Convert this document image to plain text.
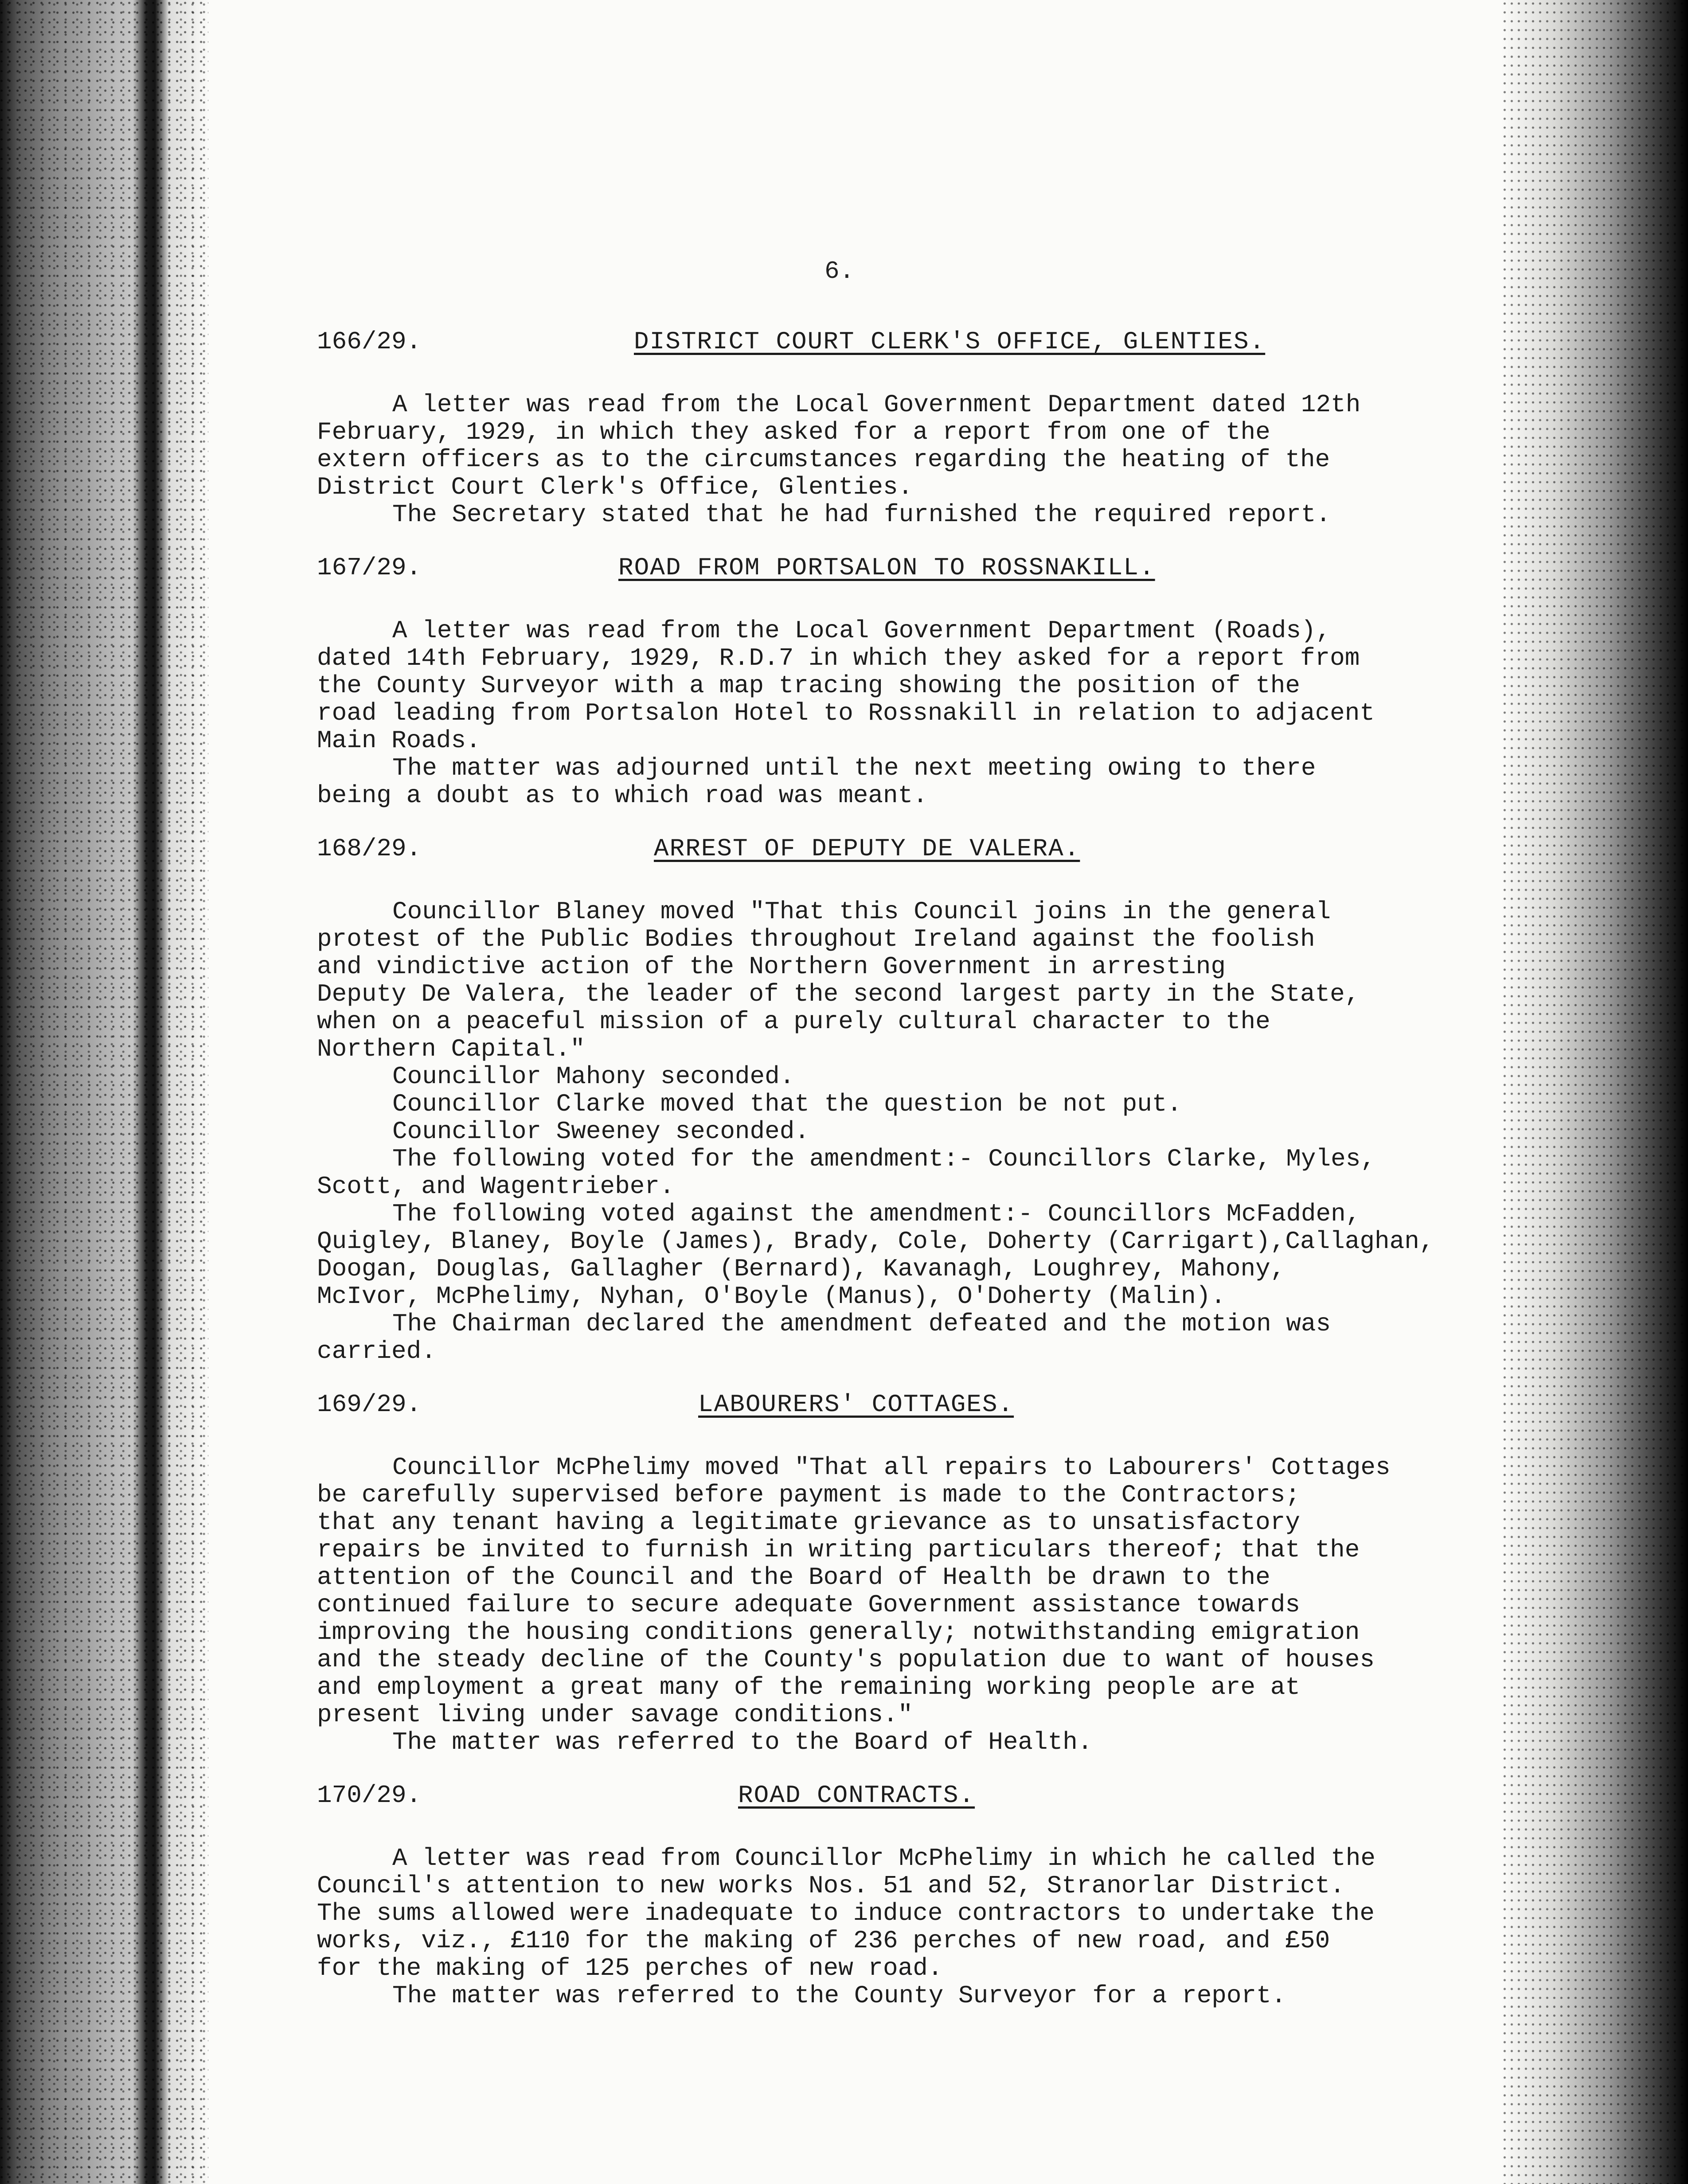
6.
166/29.	DISTRICT COURT CLERK'S OFFICE, GLENTIES.

A letter was read from the Local Government Department dated 12th

February, 1929, in which they asked for a report from one of the

extern officers as to the circumstances regarding the heating of the

District Court Clerk's Office, Glenties.

The Secretary stated that he had furnished the required report.

167/29.	ROAD FROM PORTSALON TO ROSSNAKILL.

A letter was read from the Local Government Department (Roads),

dated 14th February, 1929, R.D.7 in which they asked for a report from

the County Surveyor with a map tracing showing the position of the

road leading from Portsalon Hotel to Rossnakill in relation to adjacent

Main Roads.

The matter was adjourned until the next meeting owing to there

being a doubt as to which road was meant.

168/29.	ARREST OF DEPUTY DE VALERA.

Councillor Blaney moved "That this Council joins in the general

protest of the Public Bodies throughout Ireland against the foolish

and vindictive action of the Northern Government in arresting

Deputy De Valera, the leader of the second largest party in the State,

when on a peaceful mission of a purely cultural character to the

Northern Capital."

Councillor Mahony seconded.

Councillor Clarke moved that the question be not put.

Councillor Sweeney seconded.

The following voted for the amendment:- Councillors Clarke, Myles,

Scott, and Wagentrieber.

The following voted against the amendment:- Councillors McFadden,

Quigley, Blaney, Boyle (James), Brady, Cole, Doherty (Carrigart),Callaghan,

Doogan, Douglas, Gallagher (Bernard), Kavanagh, Loughrey, Mahony,

McIvor, McPhelimy, Nyhan, O'Boyle (Manus), O'Doherty (Malin).

The Chairman declared the amendment defeated and the motion was

carried.

169/29.	LABOURERS' COTTAGES.

Councillor McPhelimy moved "That all repairs to Labourers' Cottages

be carefully supervised before payment is made to the Contractors;

that any tenant having a legitimate grievance as to unsatisfactory

repairs be invited to furnish in writing particulars thereof; that the

attention of the Council and the Board of Health be drawn to the

continued failure to secure adequate Government assistance towards

improving the housing conditions generally; notwithstanding emigration

and the steady decline of the County's population due to want of houses

and employment a great many of the remaining working people are at

present living under savage conditions."

The matter was referred to the Board of Health.

170/29.	ROAD CONTRACTS.

A letter was read from Councillor McPhelimy in which he called the

Council's attention to new works Nos. 51 and 52, Stranorlar District.

The sums allowed were inadequate to induce contractors to undertake the

works, viz., £110 for the making of 236 perches of new road, and £50

for the making of 125 perches of new road.

The matter was referred to the County Surveyor for a report.
